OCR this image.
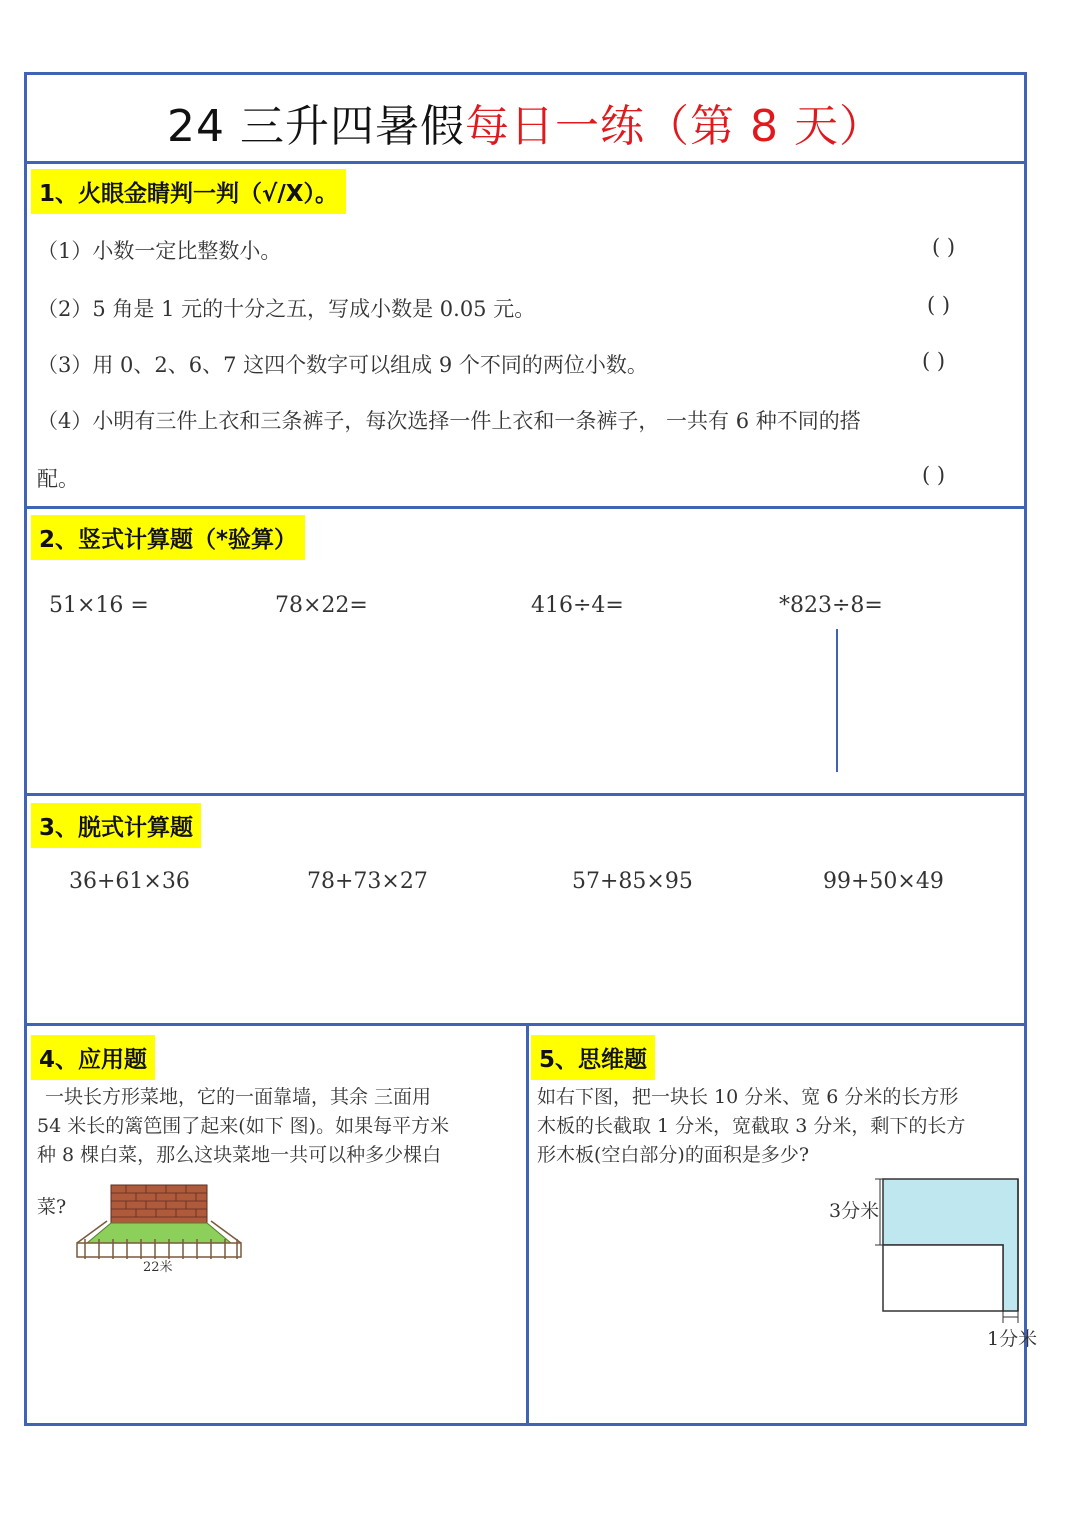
24 三升四暑假每日一练（第 8 天）
1、火眼金睛判一判（√/X）。
（1）小数一定比整数小。	( )
（2）5 角是 1 元的十分之五，写成小数是 0.05 元。	( )
（3）用 0、2、6、7 这四个数字可以组成 9 个不同的两位小数。	( )
（4）小明有三件上衣和三条裤子，每次选择一件上衣和一条裤子， 一共有 6 种不同的搭
配。	( )
2、竖式计算题（*验算）
51×16 =	78×22=	416÷4=	*823÷8=
3、脱式计算题
36+61×36	78+73×27	57+85×95	99+50×49
4、应用题
一块长方形菜地，它的一面靠墙，其余 三面用
54 米长的篱笆围了起来(如下 图)。如果每平方米
种 8 棵白菜，那么这块菜地一共可以种多少棵白
菜?
22米
5、思维题
如右下图，把一块长 10 分米、宽 6 分米的长方形
木板的长截取 1 分米，宽截取 3 分米，剩下的长方
形木板(空白部分)的面积是多少?
3分米
1分米
